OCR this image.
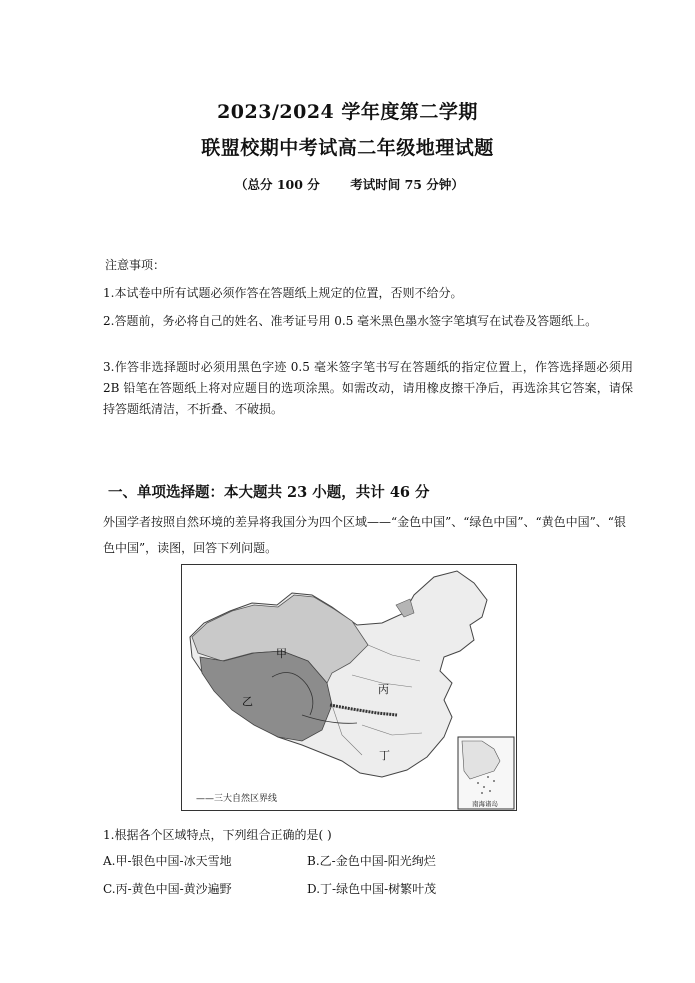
2023/2024 学年度第二学期
联盟校期中考试高二年级地理试题
（总分 100 分       考试时间 75 分钟）
注意事项：
1.本试卷中所有试题必须作答在答题纸上规定的位置，否则不给分。
2.答题前，务必将自己的姓名、准考证号用 0.5 毫米黑色墨水签字笔填写在试卷及答题纸上。
3.作答非选择题时必须用黑色字迹 0.5 毫米签字笔书写在答题纸的指定位置上，作答选择题必须用 2B 铅笔在答题纸上将对应题目的选项涂黑。如需改动，请用橡皮擦干净后，再选涂其它答案，请保持答题纸清洁，不折叠、不破损。
一、单项选择题：本大题共 23 小题，共计 46 分
外国学者按照自然环境的差异将我国分为四个区域——“金色中国”、“绿色中国”、“黄色中国”、“银色中国”，读图，回答下列问题。
甲
乙
丙
丁
南海诸岛
——三大自然区界线
1.根据各个区域特点，下列组合正确的是( )
A.甲-银色中国-冰天雪地	B.乙-金色中国-阳光绚烂
C.丙-黄色中国-黄沙遍野	D.丁-绿色中国-树繁叶茂
